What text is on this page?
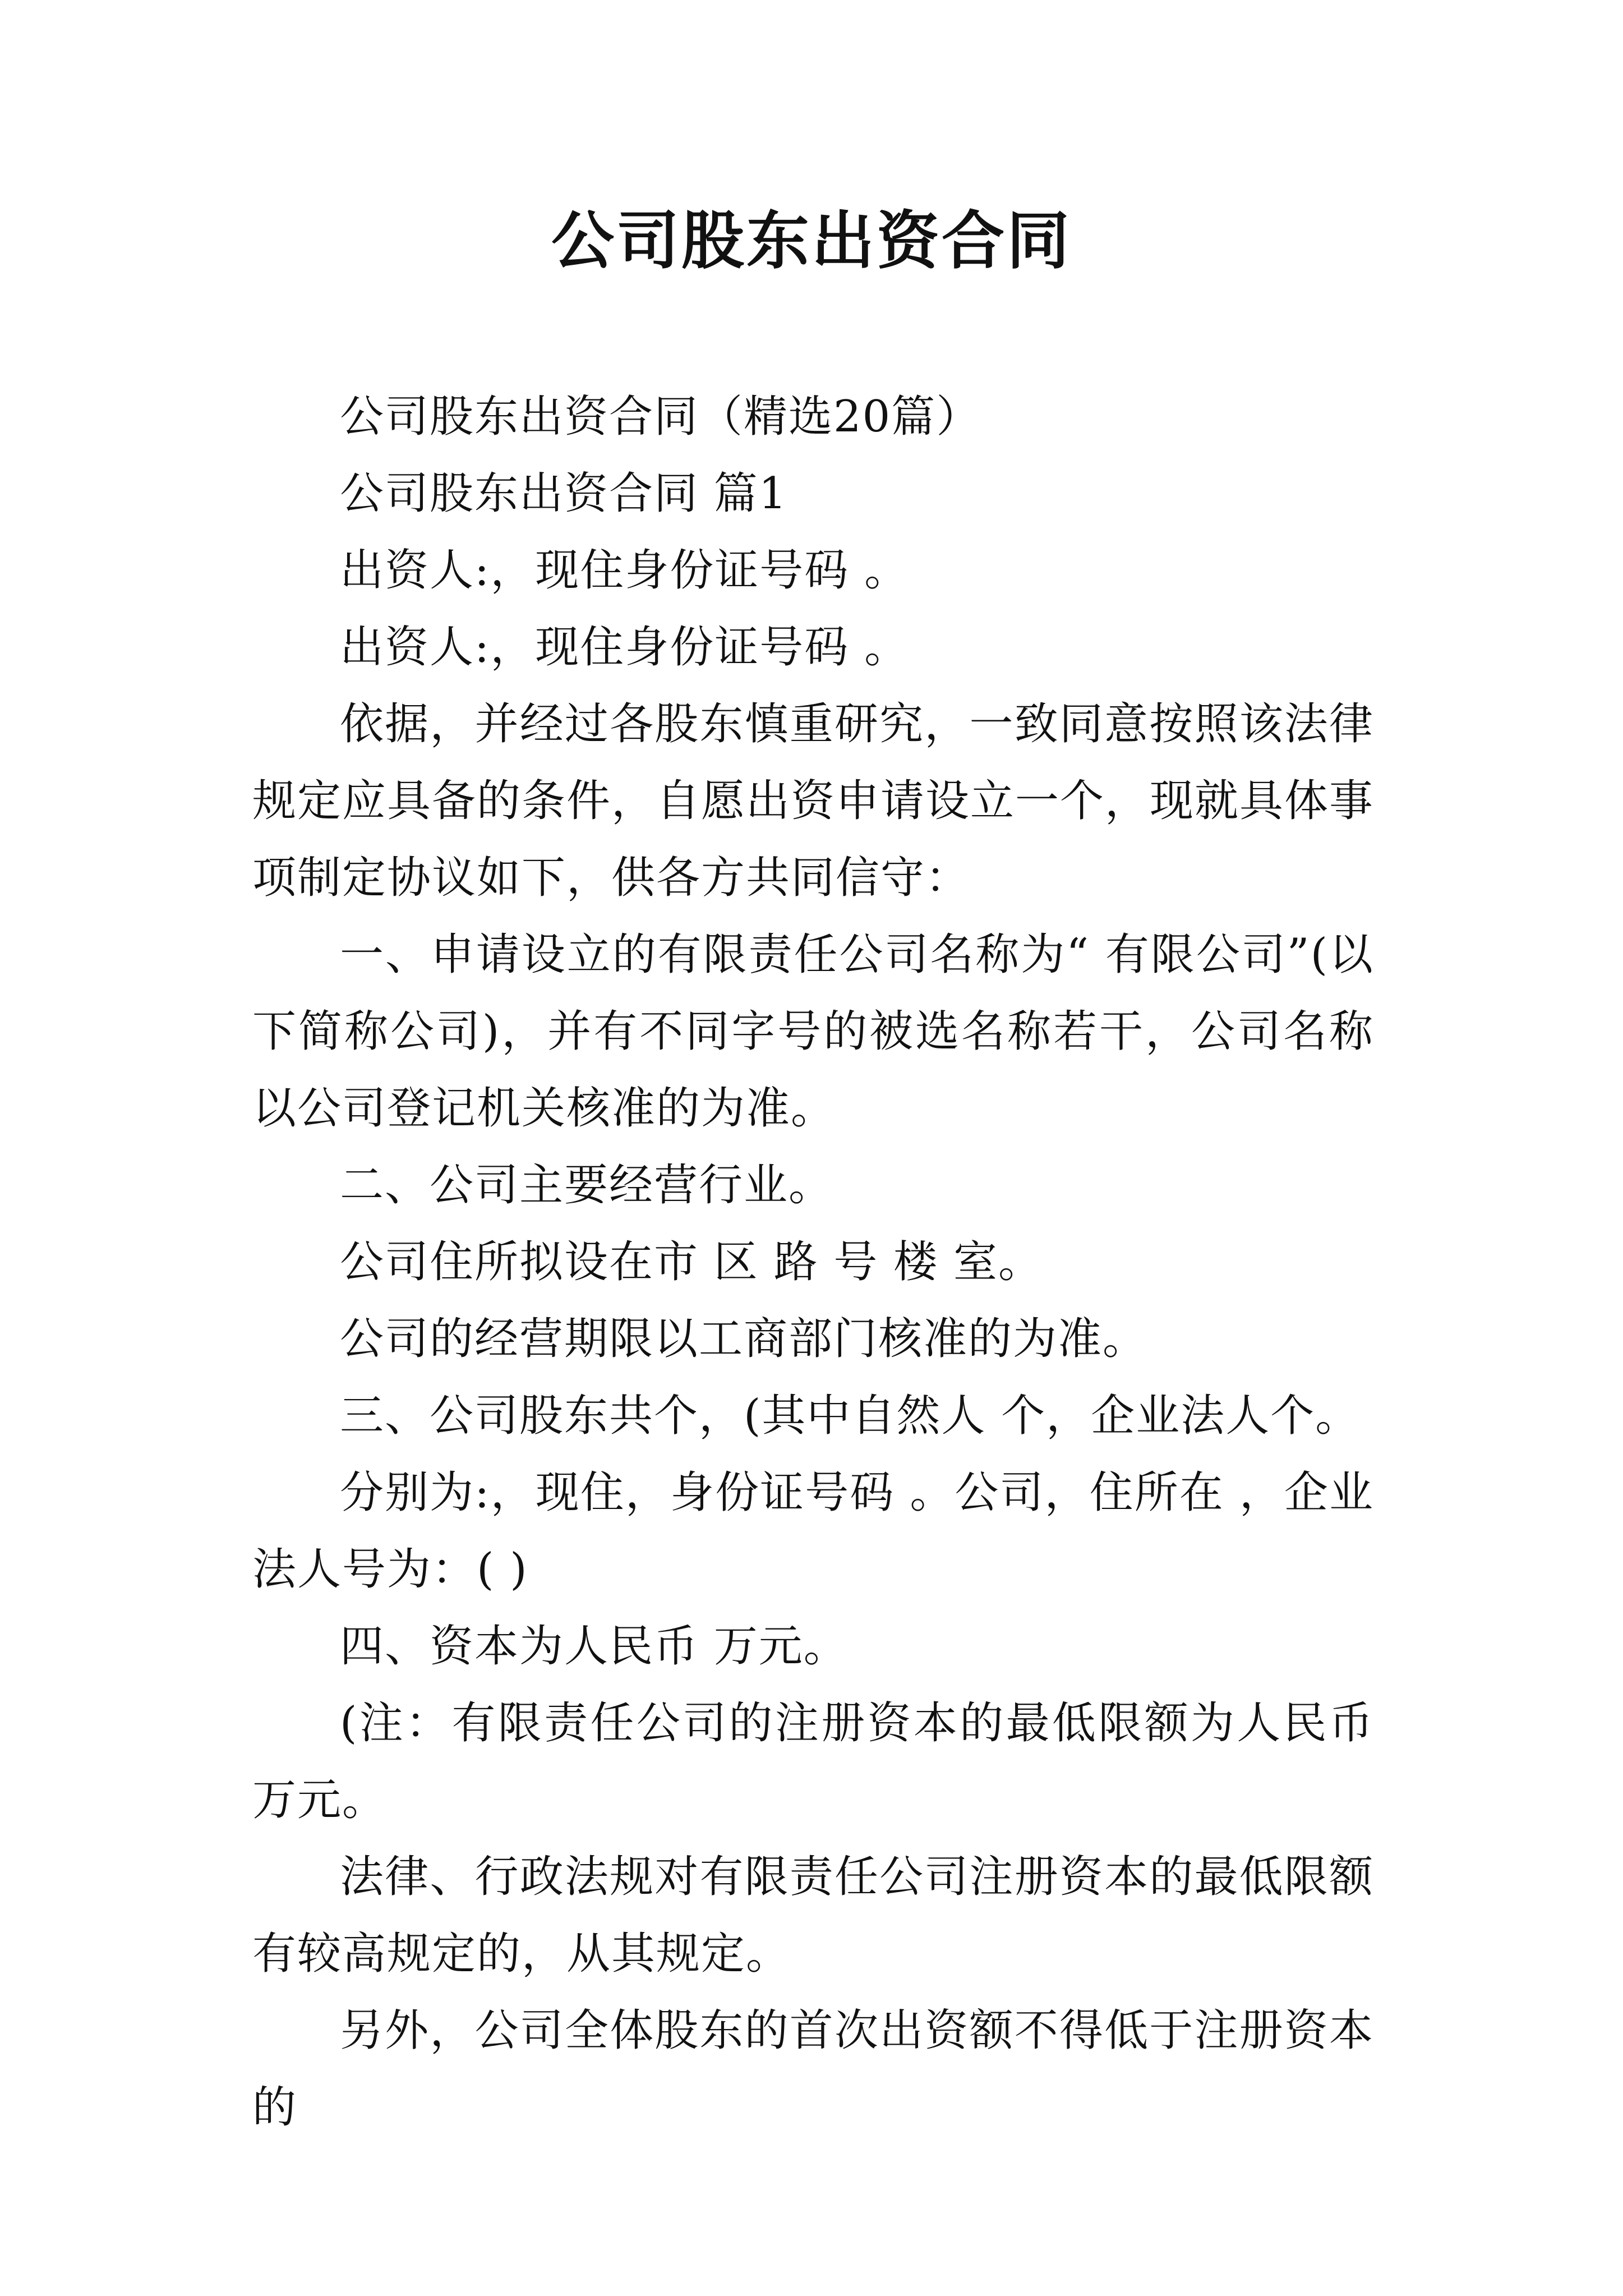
公司股东出资合同

公司股东出资合同（精选20篇）

公司股东出资合同 篇1

出资人:，现住身份证号码 。

出资人:，现住身份证号码 。

依据，并经过各股东慎重研究，一致同意按照该法律规定应具备的条件，自愿出资申请设立一个，现就具体事项制定协议如下，供各方共同信守：

一、申请设立的有限责任公司名称为“ 有限公司”(以下简称公司)，并有不同字号的被选名称若干，公司名称以公司登记机关核准的为准。

二、公司主要经营行业。

公司住所拟设在市 区 路 号 楼 室。

公司的经营期限以工商部门核准的为准。

三、公司股东共个，(其中自然人 个，企业法人个。

分别为:，现住，身份证号码 。公司，住所在 ，企业法人号为：( )

四、资本为人民币 万元。

(注：有限责任公司的注册资本的最低限额为人民币万元。

法律、行政法规对有限责任公司注册资本的最低限额有较高规定的，从其规定。

另外，公司全体股东的首次出资额不得低于注册资本的
